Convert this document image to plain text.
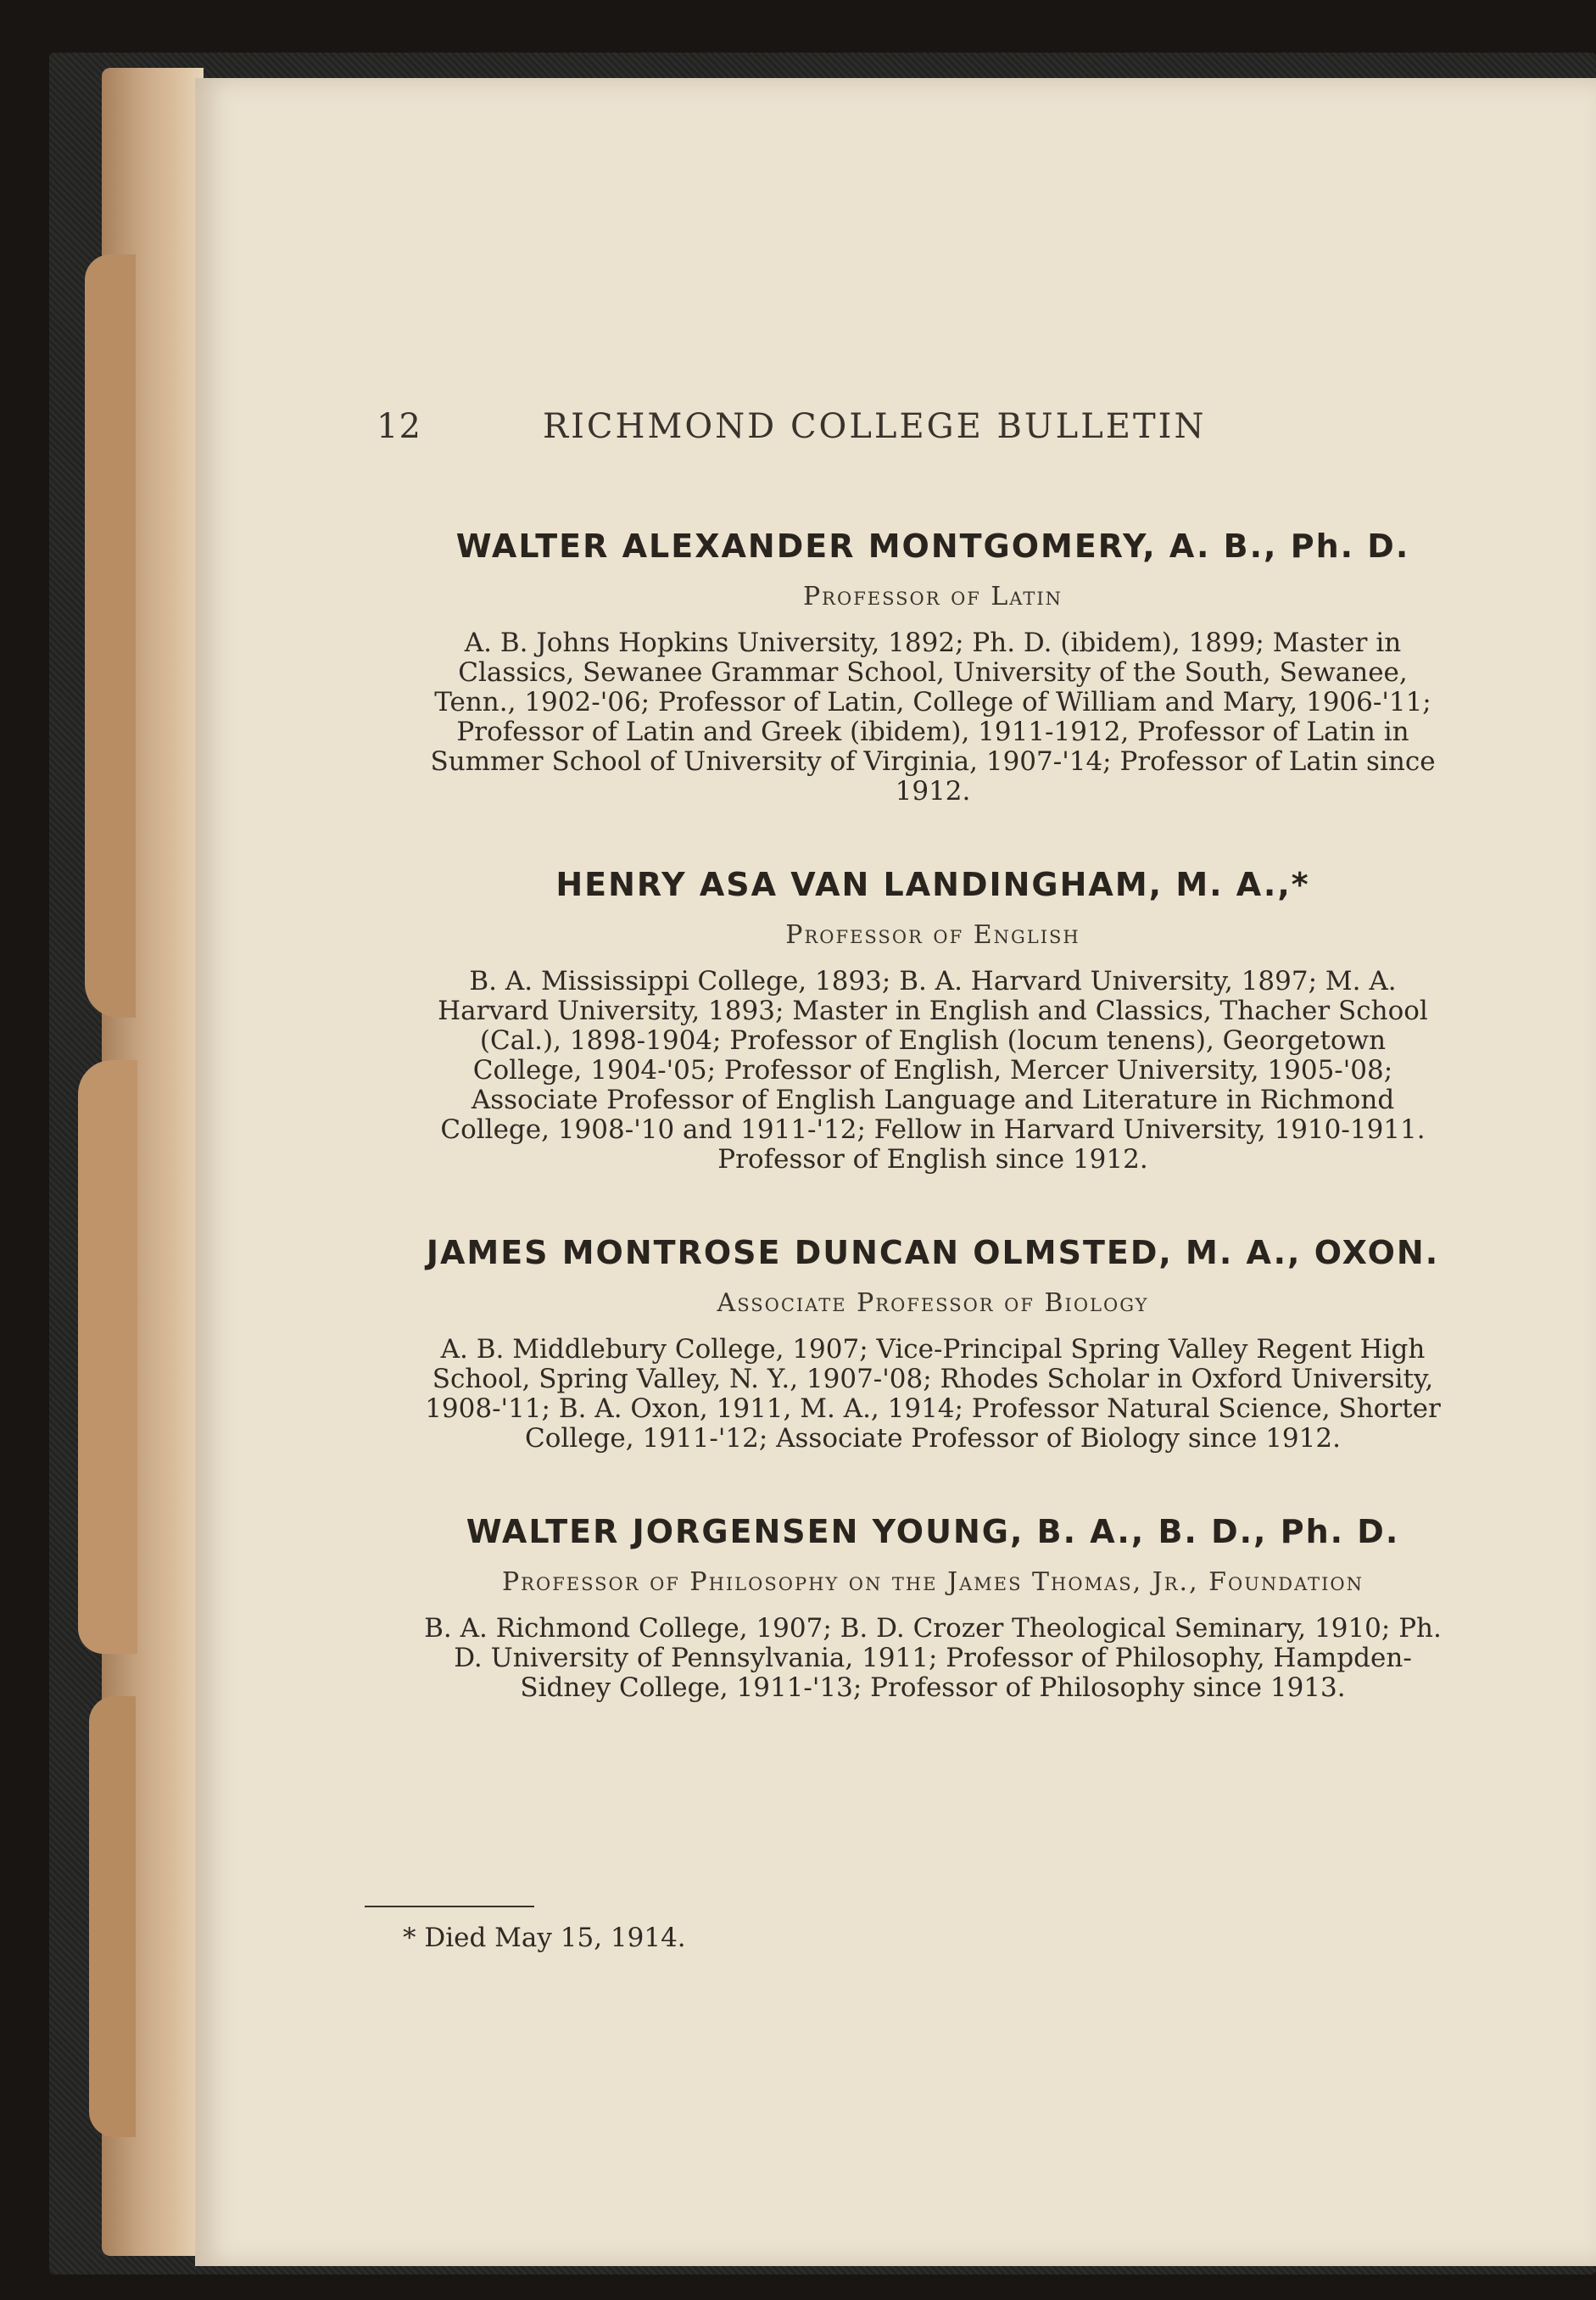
12	RICHMOND COLLEGE BULLETIN
WALTER ALEXANDER MONTGOMERY, A. B., Ph. D.
Professor of Latin
A. B. Johns Hopkins University, 1892; Ph. D. (ibidem), 1899; Master in Classics, Sewanee Grammar School, University of the South, Sewanee, Tenn., 1902-'06; Professor of Latin, College of William and Mary, 1906-'11; Professor of Latin and Greek (ibidem), 1911-1912, Professor of Latin in Summer School of University of Virginia, 1907-'14; Professor of Latin since 1912.
HENRY ASA VAN LANDINGHAM, M. A.,*
Professor of English
B. A. Mississippi College, 1893; B. A. Harvard University, 1897; M. A. Harvard University, 1893; Master in English and Classics, Thacher School (Cal.), 1898-1904; Professor of English (locum tenens), Georgetown College, 1904-'05; Professor of English, Mercer University, 1905-'08; Associate Professor of English Language and Literature in Richmond College, 1908-'10 and 1911-'12; Fellow in Harvard University, 1910-1911. Professor of English since 1912.
JAMES MONTROSE DUNCAN OLMSTED, M. A., OXON.
Associate Professor of Biology
A. B. Middlebury College, 1907; Vice-Principal Spring Valley Regent High School, Spring Valley, N. Y., 1907-'08; Rhodes Scholar in Oxford University, 1908-'11; B. A. Oxon, 1911, M. A., 1914; Professor Natural Science, Shorter College, 1911-'12; Associate Professor of Biology since 1912.
WALTER JORGENSEN YOUNG, B. A., B. D., Ph. D.
Professor of Philosophy on the James Thomas, Jr., Foundation
B. A. Richmond College, 1907; B. D. Crozer Theological Seminary, 1910; Ph. D. University of Pennsylvania, 1911; Professor of Philosophy, Hampden-Sidney College, 1911-'13; Professor of Philosophy since 1913.
* Died May 15, 1914.
